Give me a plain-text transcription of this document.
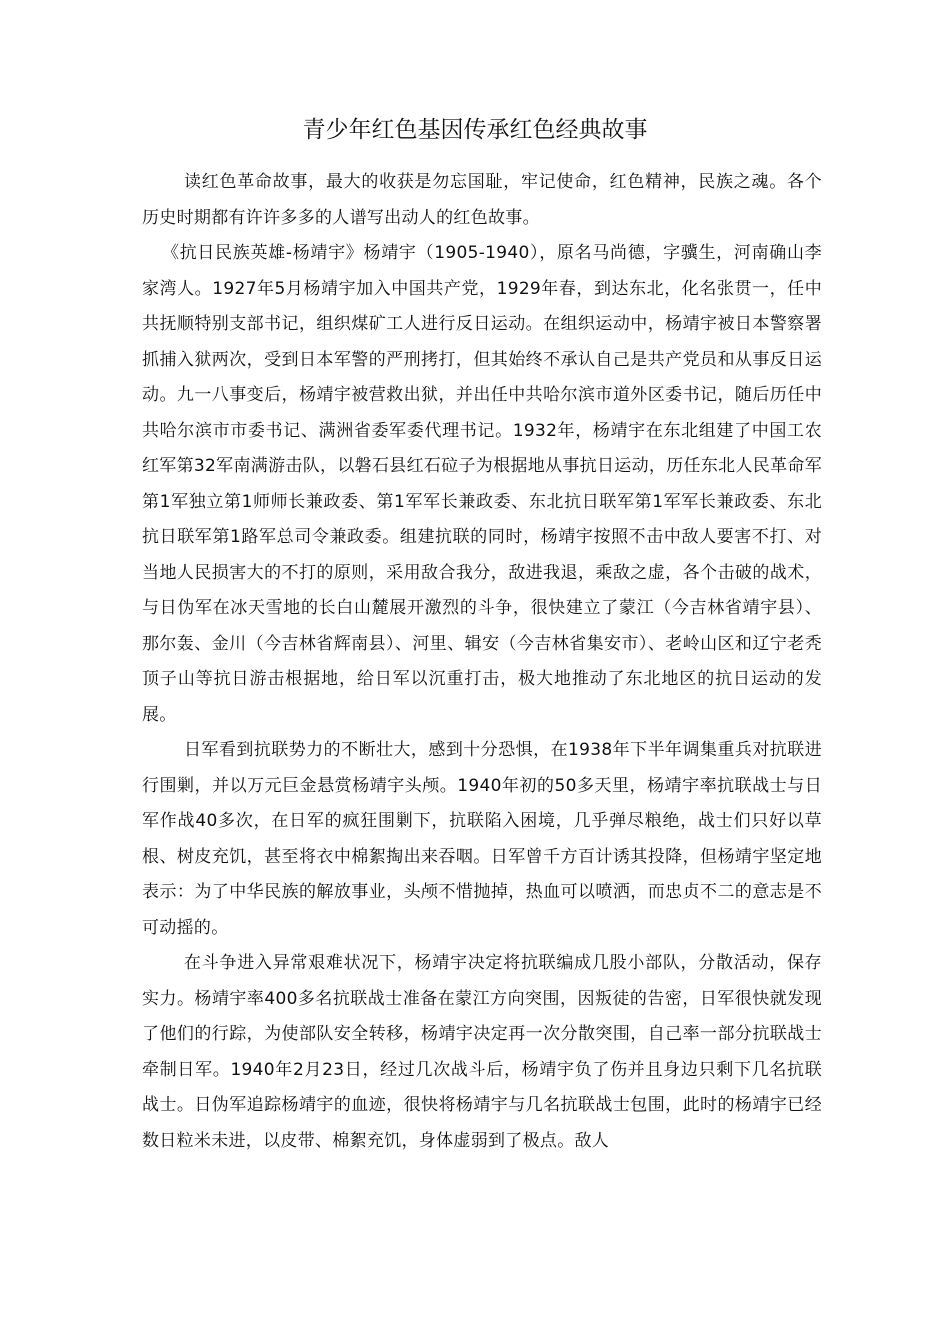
青少年红色基因传承红色经典故事

读红色革命故事，最大的收获是勿忘国耻，牢记使命，红色精神，民族之魂。各个历史时期都有许许多多的人谱写出动人的红色故事。

《抗日民族英雄-杨靖宇》杨靖宇（1905-1940），原名马尚德，字骥生，河南确山李家湾人。1927年5月杨靖宇加入中国共产党，1929年春，到达东北，化名张贯一，任中共抚顺特别支部书记，组织煤矿工人进行反日运动。在组织运动中，杨靖宇被日本警察署抓捕入狱两次，受到日本军警的严刑拷打，但其始终不承认自己是共产党员和从事反日运动。九一八事变后，杨靖宇被营救出狱，并出任中共哈尔滨市道外区委书记，随后历任中共哈尔滨市市委书记、满洲省委军委代理书记。1932年，杨靖宇在东北组建了中国工农红军第32军南满游击队，以磐石县红石砬子为根据地从事抗日运动，历任东北人民革命军第1军独立第1师师长兼政委、第1军军长兼政委、东北抗日联军第1军军长兼政委、东北抗日联军第1路军总司令兼政委。组建抗联的同时，杨靖宇按照不击中敌人要害不打、对当地人民损害大的不打的原则，采用敌合我分，敌进我退，乘敌之虚，各个击破的战术，与日伪军在冰天雪地的长白山麓展开激烈的斗争，很快建立了蒙江（今吉林省靖宇县）、那尔轰、金川（今吉林省辉南县）、河里、辑安（今吉林省集安市）、老岭山区和辽宁老秃顶子山等抗日游击根据地，给日军以沉重打击，极大地推动了东北地区的抗日运动的发展。

日军看到抗联势力的不断壮大，感到十分恐惧，在1938年下半年调集重兵对抗联进行围剿，并以万元巨金悬赏杨靖宇头颅。1940年初的50多天里，杨靖宇率抗联战士与日军作战40多次，在日军的疯狂围剿下，抗联陷入困境，几乎弹尽粮绝，战士们只好以草根、树皮充饥，甚至将衣中棉絮掏出来吞咽。日军曾千方百计诱其投降，但杨靖宇坚定地表示：为了中华民族的解放事业，头颅不惜抛掉，热血可以喷洒，而忠贞不二的意志是不可动摇的。

在斗争进入异常艰难状况下，杨靖宇决定将抗联编成几股小部队，分散活动，保存实力。杨靖宇率400多名抗联战士准备在蒙江方向突围，因叛徒的告密，日军很快就发现了他们的行踪，为使部队安全转移，杨靖宇决定再一次分散突围，自己率一部分抗联战士牵制日军。1940年2月23日，经过几次战斗后，杨靖宇负了伤并且身边只剩下几名抗联战士。日伪军追踪杨靖宇的血迹，很快将杨靖宇与几名抗联战士包围，此时的杨靖宇已经数日粒米未进，以皮带、棉絮充饥，身体虚弱到了极点。敌人
